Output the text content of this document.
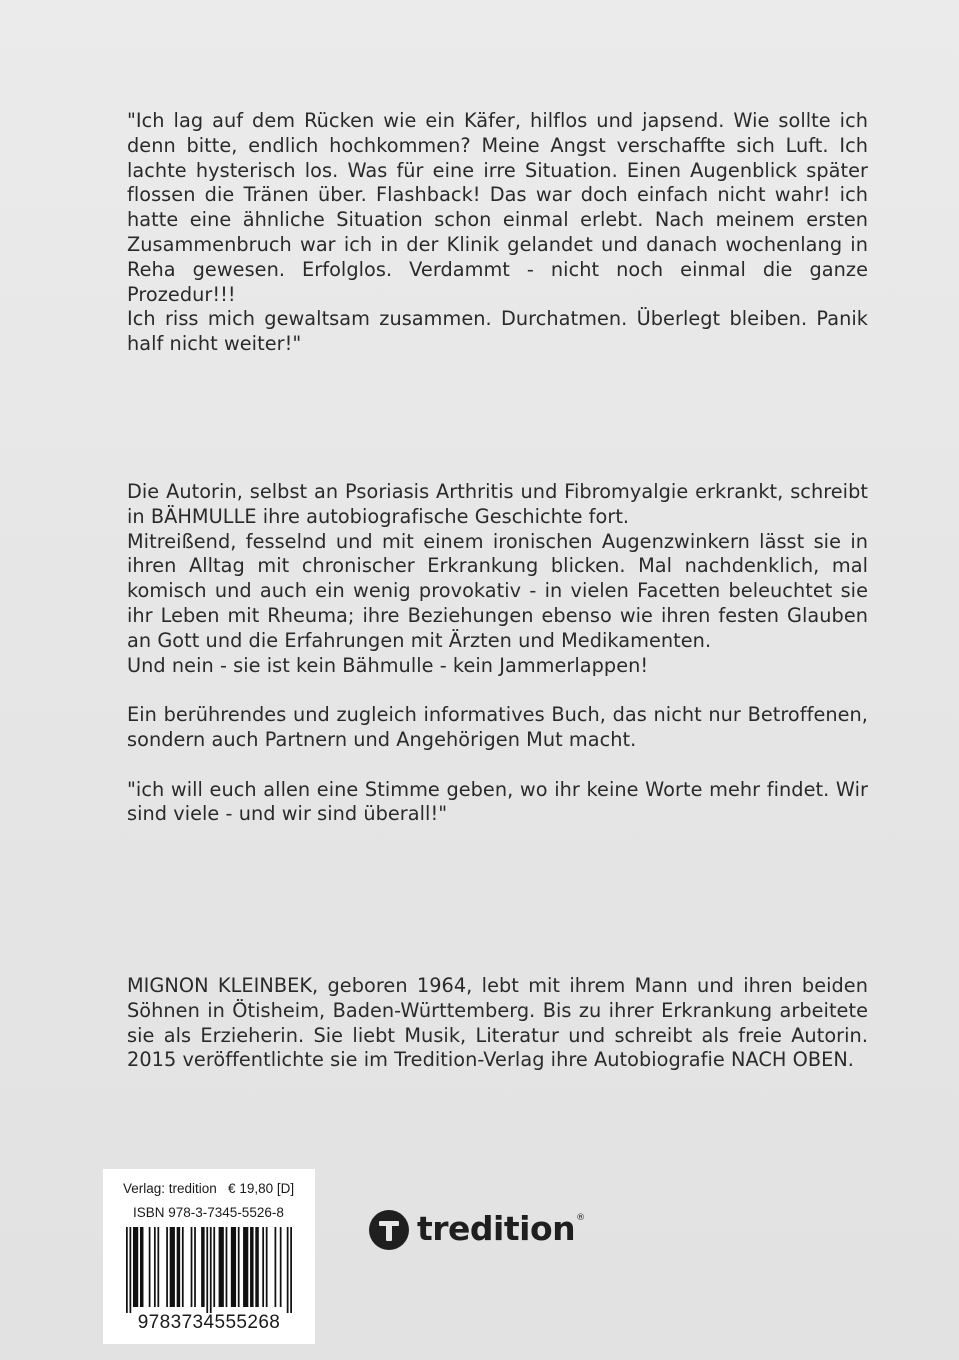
"Ich lag auf dem Rücken wie ein Käfer, hilflos und japsend. Wie sollte ich denn bitte, endlich hochkommen? Meine Angst verschaffte sich Luft. Ich lachte hysterisch los. Was für eine irre Situation. Einen Augenblick später flossen die Tränen über. Flashback! Das war doch einfach nicht wahr! ich hatte eine ähnliche Situation schon einmal erlebt. Nach meinem ersten Zusammenbruch war ich in der Klinik gelandet und danach wochenlang in Reha gewesen. Erfolglos. Verdammt - nicht noch einmal die ganze Prozedur!!!

Ich riss mich gewaltsam zusammen. Durchatmen. Überlegt bleiben. Panik half nicht weiter!"

Die Autorin, selbst an Psoriasis Arthritis und Fibromyalgie erkrankt, schreibt in BÄHMULLE ihre autobiografische Geschichte fort.

Mitreißend, fesselnd und mit einem ironischen Augenzwinkern lässt sie in ihren Alltag mit chronischer Erkrankung blicken. Mal nachdenklich, mal komisch und auch ein wenig provokativ - in vielen Facetten beleuchtet sie ihr Leben mit Rheuma; ihre Beziehungen ebenso wie ihren festen Glauben an Gott und die Erfahrungen mit Ärzten und Medikamenten.

Und nein - sie ist kein Bähmulle - kein Jammerlappen!

Ein berührendes und zugleich informatives Buch, das nicht nur Betroffenen, sondern auch Partnern und Angehörigen Mut macht.

"ich will euch allen eine Stimme geben, wo ihr keine Worte mehr findet. Wir sind viele - und wir sind überall!"

MIGNON KLEINBEK, geboren 1964, lebt mit ihrem Mann und ihren beiden Söhnen in Ötisheim, Baden-Württemberg. Bis zu ihrer Erkrankung arbeitete sie als Erzieherin. Sie liebt Musik, Literatur und schreibt als freie Autorin. 2015 veröffentlichte sie im Tredition-Verlag ihre Autobiografie NACH OBEN.

Verlag: tredition   € 19,80 [D]
ISBN 978-3-7345-5526-8
9783734555268
tredition ®
